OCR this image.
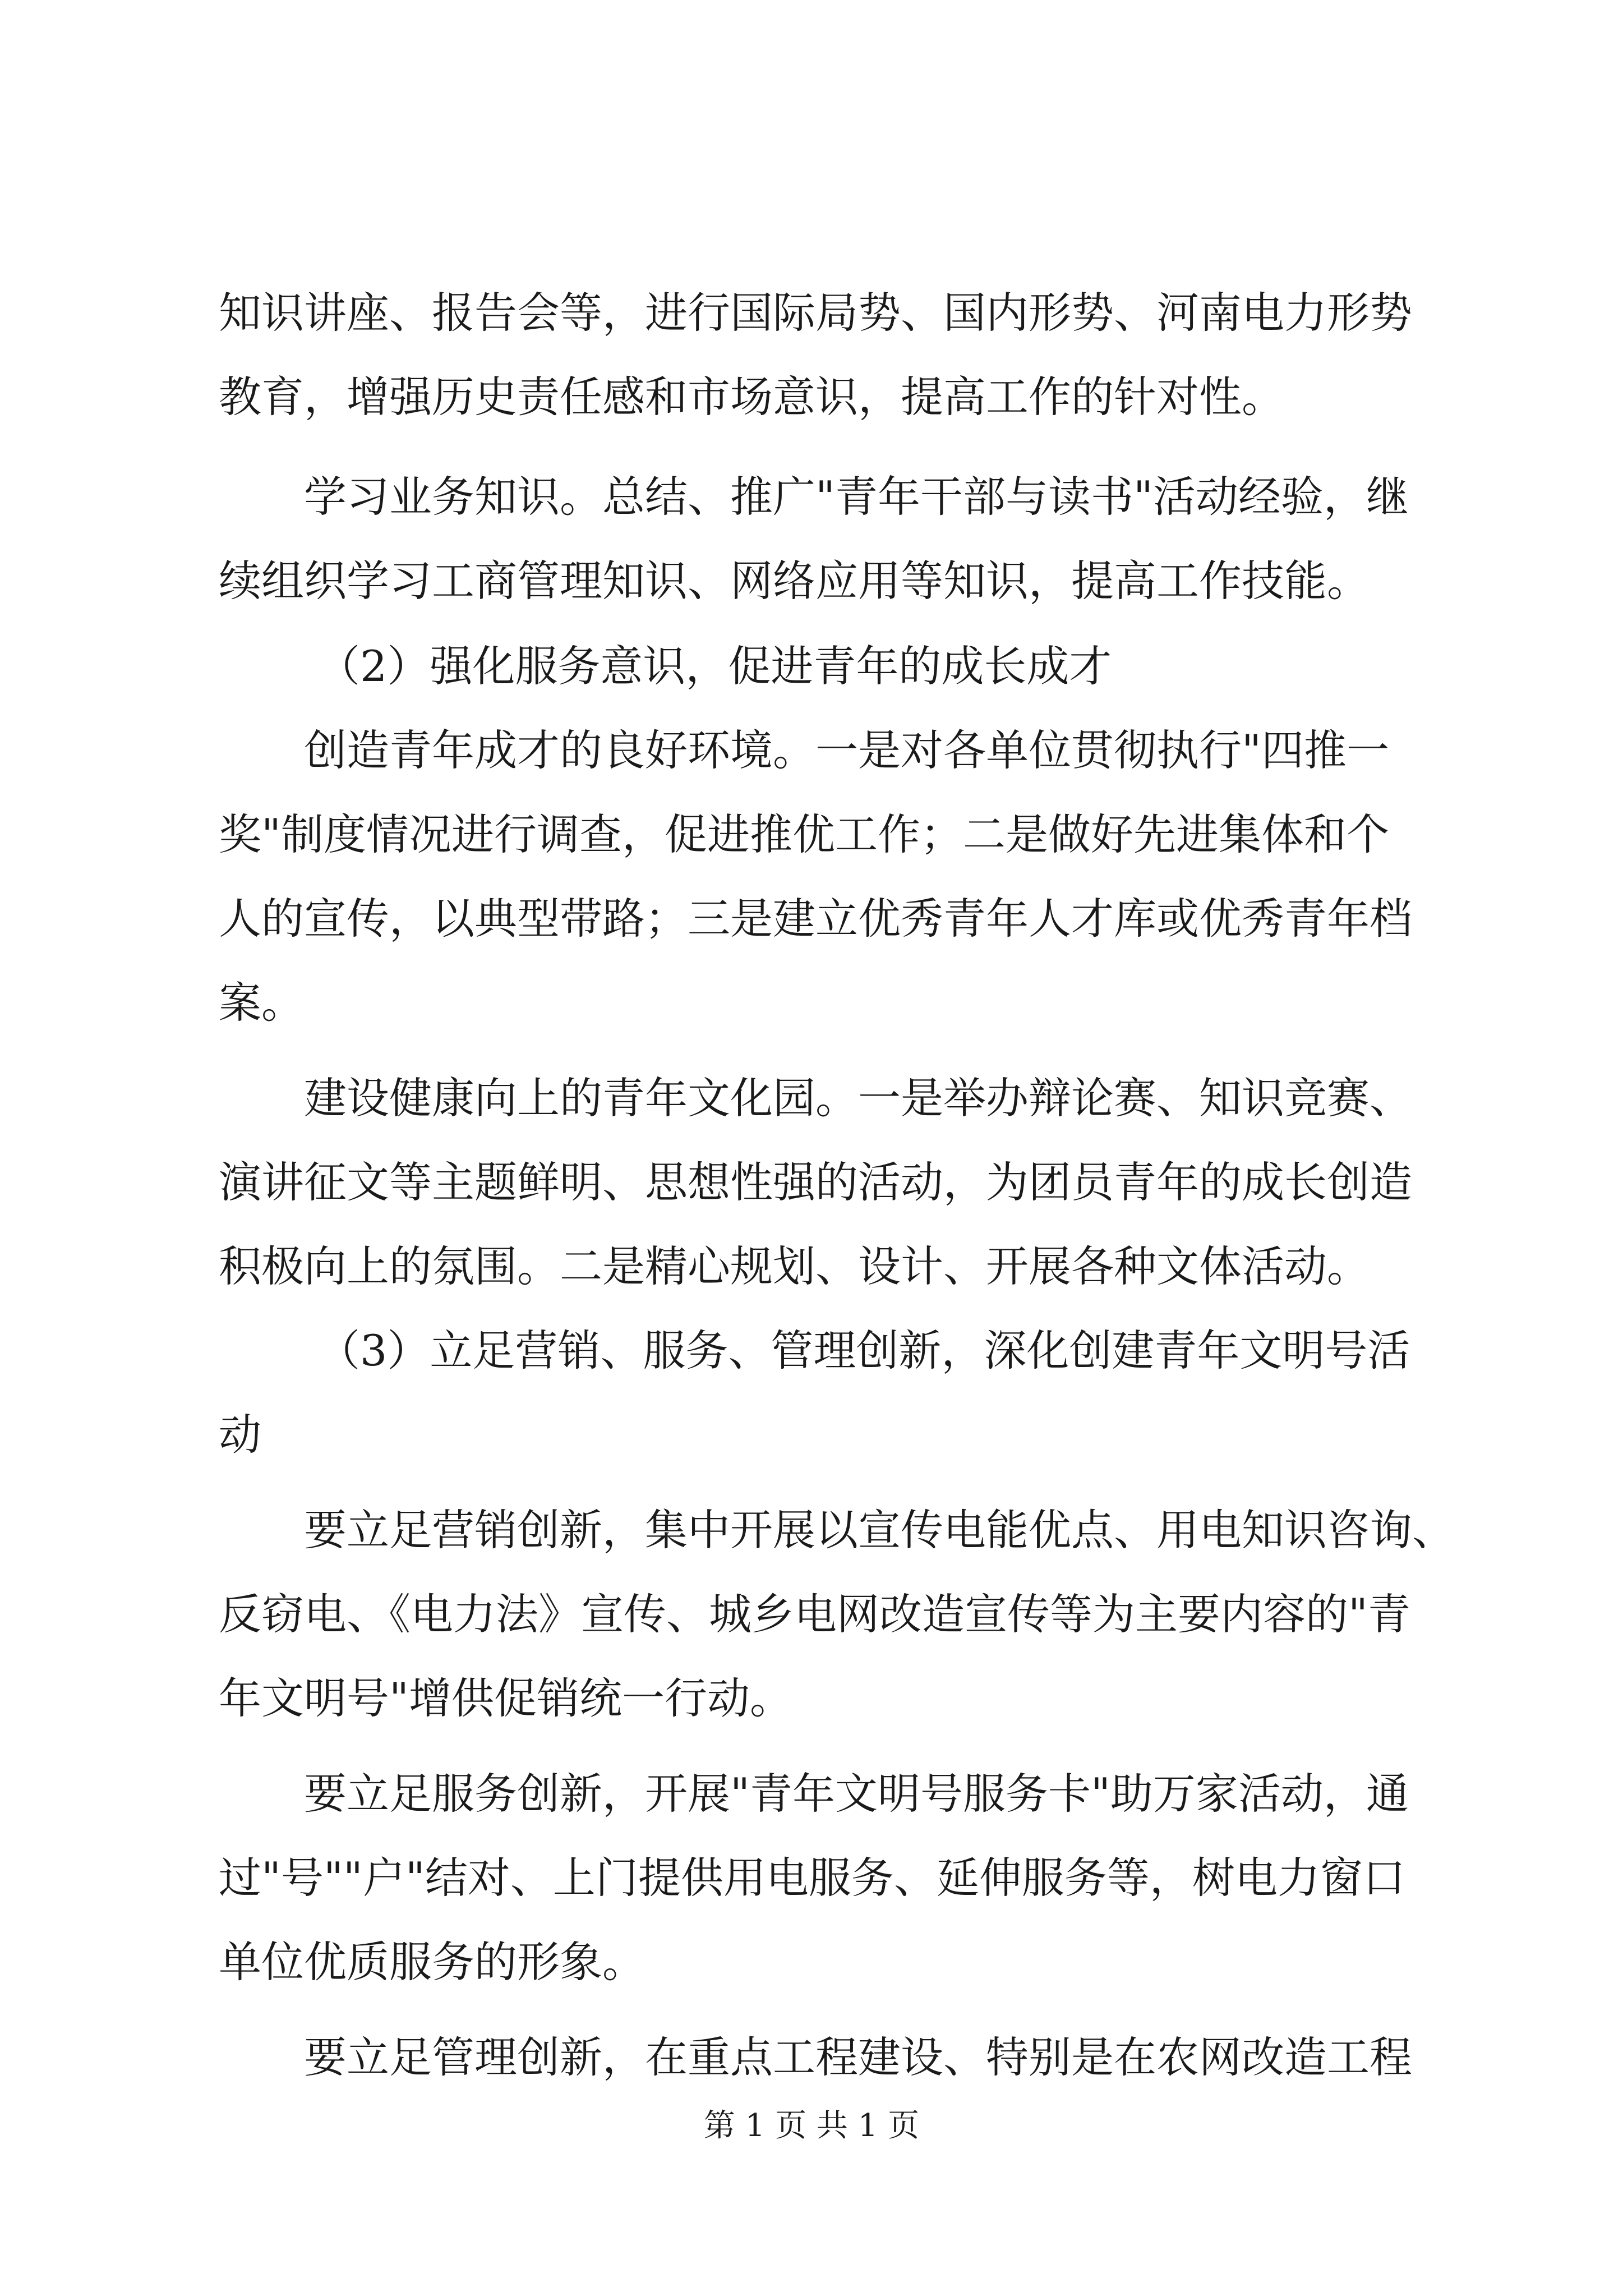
知识讲座、报告会等，进行国际局势、国内形势、河南电力形势
教育，增强历史责任感和市场意识，提高工作的针对性。
学习业务知识。总结、推广"青年干部与读书"活动经验，继
续组织学习工商管理知识、网络应用等知识，提高工作技能。
（2）强化服务意识，促进青年的成长成才
创造青年成才的良好环境。一是对各单位贯彻执行"四推一
奖"制度情况进行调查，促进推优工作；二是做好先进集体和个
人的宣传，以典型带路；三是建立优秀青年人才库或优秀青年档
案。
建设健康向上的青年文化园。一是举办辩论赛、知识竞赛、
演讲征文等主题鲜明、思想性强的活动，为团员青年的成长创造
积极向上的氛围。二是精心规划、设计、开展各种文体活动。
（3）立足营销、服务、管理创新，深化创建青年文明号活
动
要立足营销创新，集中开展以宣传电能优点、用电知识咨询、
反窃电、《电力法》宣传、城乡电网改造宣传等为主要内容的"青
年文明号"增供促销统一行动。
要立足服务创新，开展"青年文明号服务卡"助万家活动，通
过"号""户"结对、上门提供用电服务、延伸服务等，树电力窗口
单位优质服务的形象。
要立足管理创新，在重点工程建设、特别是在农网改造工程
第 1 页 共 1 页
